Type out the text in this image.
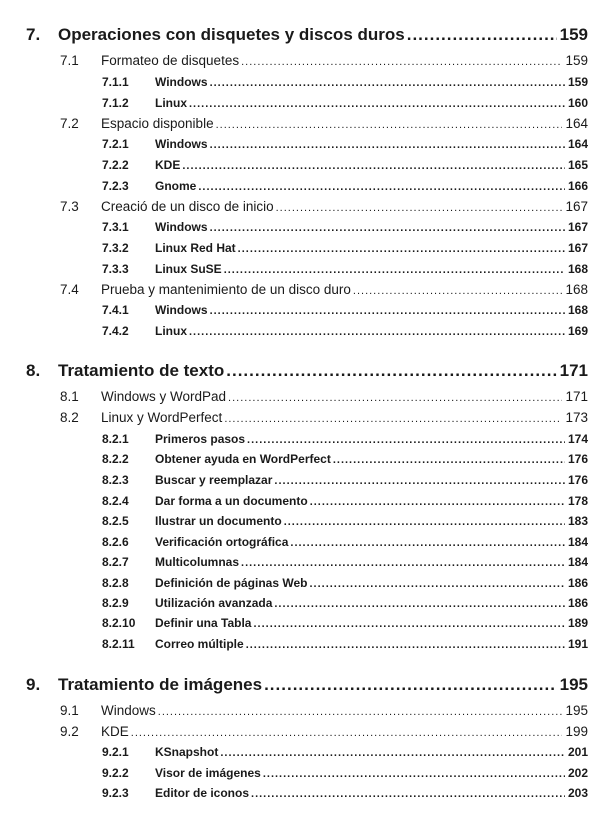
7.	Operaciones con disquetes y discos duros .....	159
7.1	Formateo de disquetes .....	159
7.1.1	Windows .....	159
7.1.2	Linux .....	160
7.2	Espacio disponible .....	164
7.2.1	Windows .....	164
7.2.2	KDE .....	165
7.2.3	Gnome .....	166
7.3	Creació de un disco de inicio .....	167
7.3.1	Windows .....	167
7.3.2	Linux Red Hat .....	167
7.3.3	Linux SuSE .....	168
7.4	Prueba y mantenimiento de un disco duro .....	168
7.4.1	Windows .....	168
7.4.2	Linux .....	169
8.	Tratamiento de texto .....	171
8.1	Windows y WordPad .....	171
8.2	Linux y WordPerfect .....	173
8.2.1	Primeros pasos .....	174
8.2.2	Obtener ayuda en WordPerfect .....	176
8.2.3	Buscar y reemplazar .....	176
8.2.4	Dar forma a un documento .....	178
8.2.5	Ilustrar un documento .....	183
8.2.6	Verificación ortográfica .....	184
8.2.7	Multicolumnas .....	184
8.2.8	Definición de páginas Web .....	186
8.2.9	Utilización avanzada .....	186
8.2.10	Definir una Tabla .....	189
8.2.11	Correo múltiple .....	191
9.	Tratamiento de imágenes .....	195
9.1	Windows .....	195
9.2	KDE .....	199
9.2.1	KSnapshot .....	201
9.2.2	Visor de imágenes .....	202
9.2.3	Editor de iconos .....	203
